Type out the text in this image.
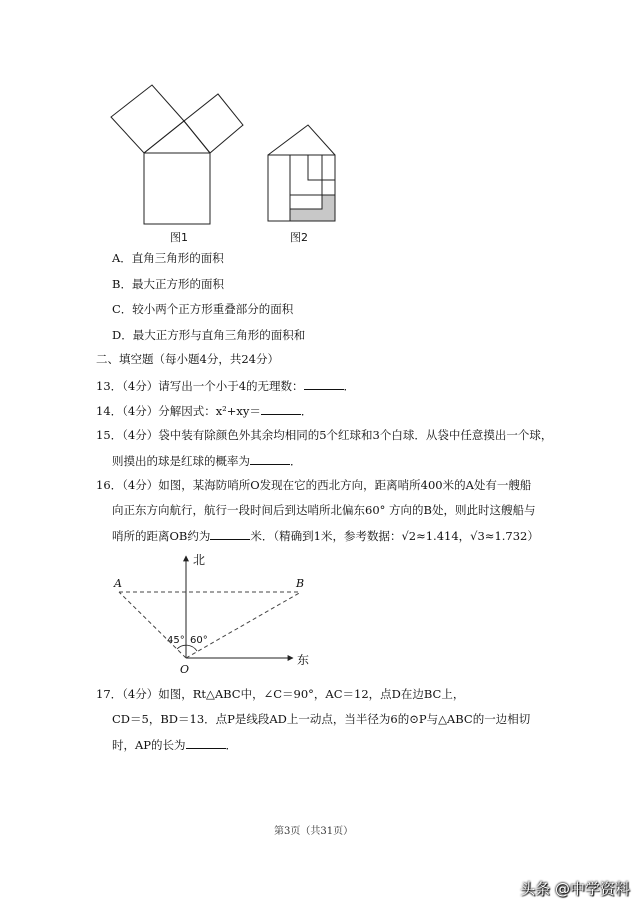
图1	图2
A．直角三角形的面积
B．最大正方形的面积
C．较小两个正方形重叠部分的面积
D．最大正方形与直角三角形的面积和
二、填空题（每小题4分，共24分）
13．（4分）请写出一个小于4的无理数：	．
14．（4分）分解因式：x²+xy＝	．
15．（4分）袋中装有除颜色外其余均相同的5个红球和3个白球．从袋中任意摸出一个球，
则摸出的球是红球的概率为	．
16．（4分）如图，某海防哨所O发现在它的西北方向，距离哨所400米的A处有一艘船
向正东方向航行，航行一段时间后到达哨所北偏东60° 方向的B处，则此时这艘船与
哨所的距离OB约为	米．（精确到1米，参考数据：√2≈1.414，√3≈1.732）
北
东
A	B
O
45° 60°
17．（4分）如图，Rt△ABC中，∠C＝90°，AC＝12，点D在边BC上，
CD＝5，BD＝13．点P是线段AD上一动点，当半径为6的⊙P与△ABC的一边相切
时，AP的长为	．
第3页（共31页）
头条 @中学资料
